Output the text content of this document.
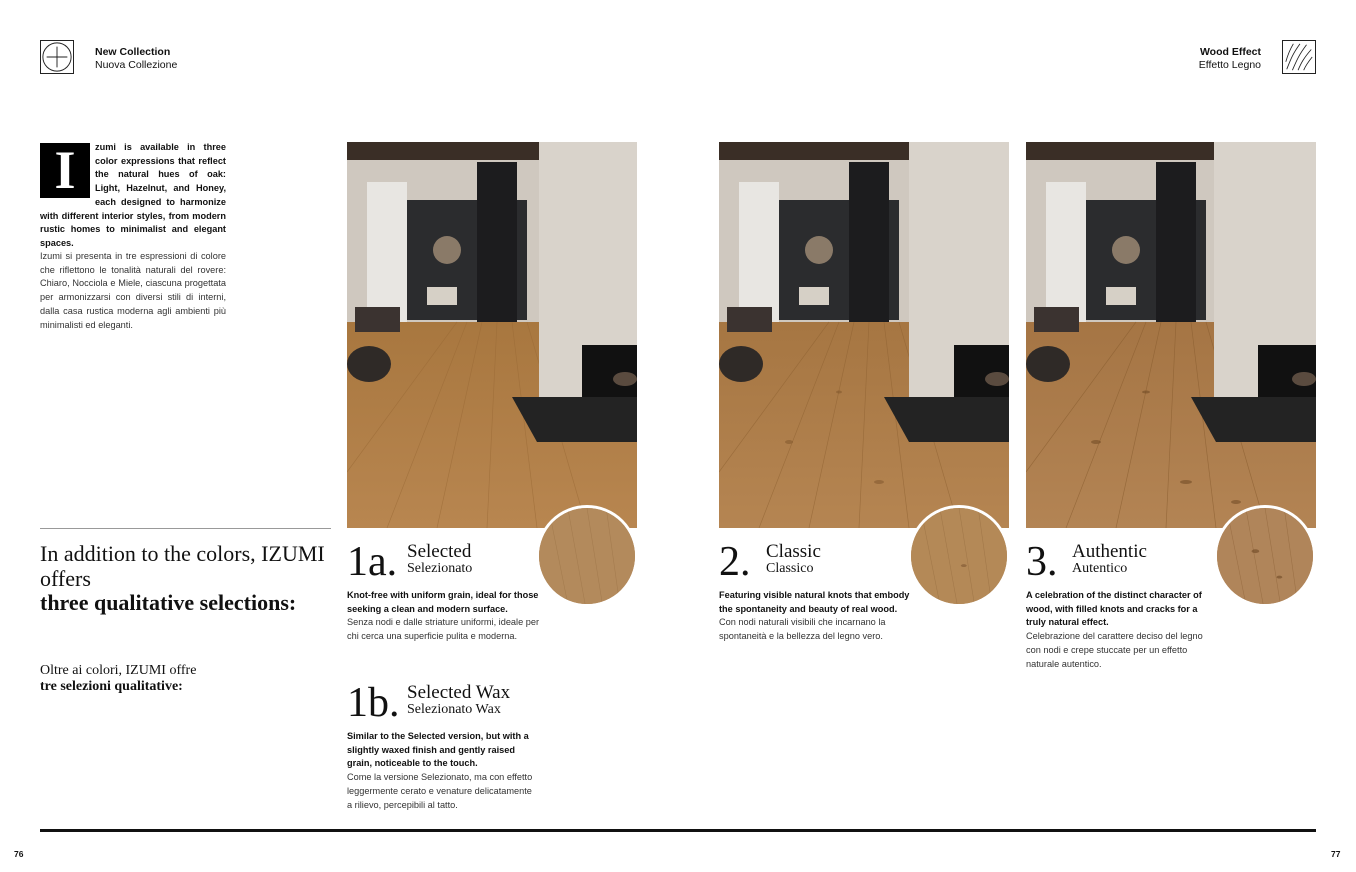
New Collection
Nuova Collezione
Wood Effect
Effetto Legno
I	zumi is available in three color expressions that reflect the natural hues of oak: Light, Hazelnut, and Honey, each designed to harmonize with different interior styles, from modern rustic homes to minimalist and elegant spaces.
Izumi si presenta in tre espressioni di colore che riflettono le tonalità naturali del rovere: Chiaro, Nocciola e Miele, ciascuna progettata per armonizzarsi con diversi stili di interni, dalla casa rustica moderna agli ambienti più minimalisti ed eleganti.
In addition to the colors, IZUMI offers
three qualitative selections:
Oltre ai colori, IZUMI offre
tre selezioni qualitative:
1a. Selected
Selezionato
Knot-free with uniform grain, ideal for those seeking a clean and modern surface.
Senza nodi e dalle striature uniformi, ideale per chi cerca una superficie pulita e moderna.
1b. Selected Wax
Selezionato Wax
Similar to the Selected version, but with a slightly waxed finish and gently raised grain, noticeable to the touch.
Come la versione Selezionato, ma con effetto leggermente cerato e venature delicatamente a rilievo, percepibili al tatto.
2. Classic
Classico
Featuring visible natural knots that embody the spontaneity and beauty of real wood.
Con nodi naturali visibili che incarnano la spontaneità e la bellezza del legno vero.
3. Authentic
Autentico
A celebration of the distinct character of wood, with filled knots and cracks for a truly natural effect.
Celebrazione del carattere deciso del legno con nodi e crepe stuccate per un effetto naturale autentico.
76	77
